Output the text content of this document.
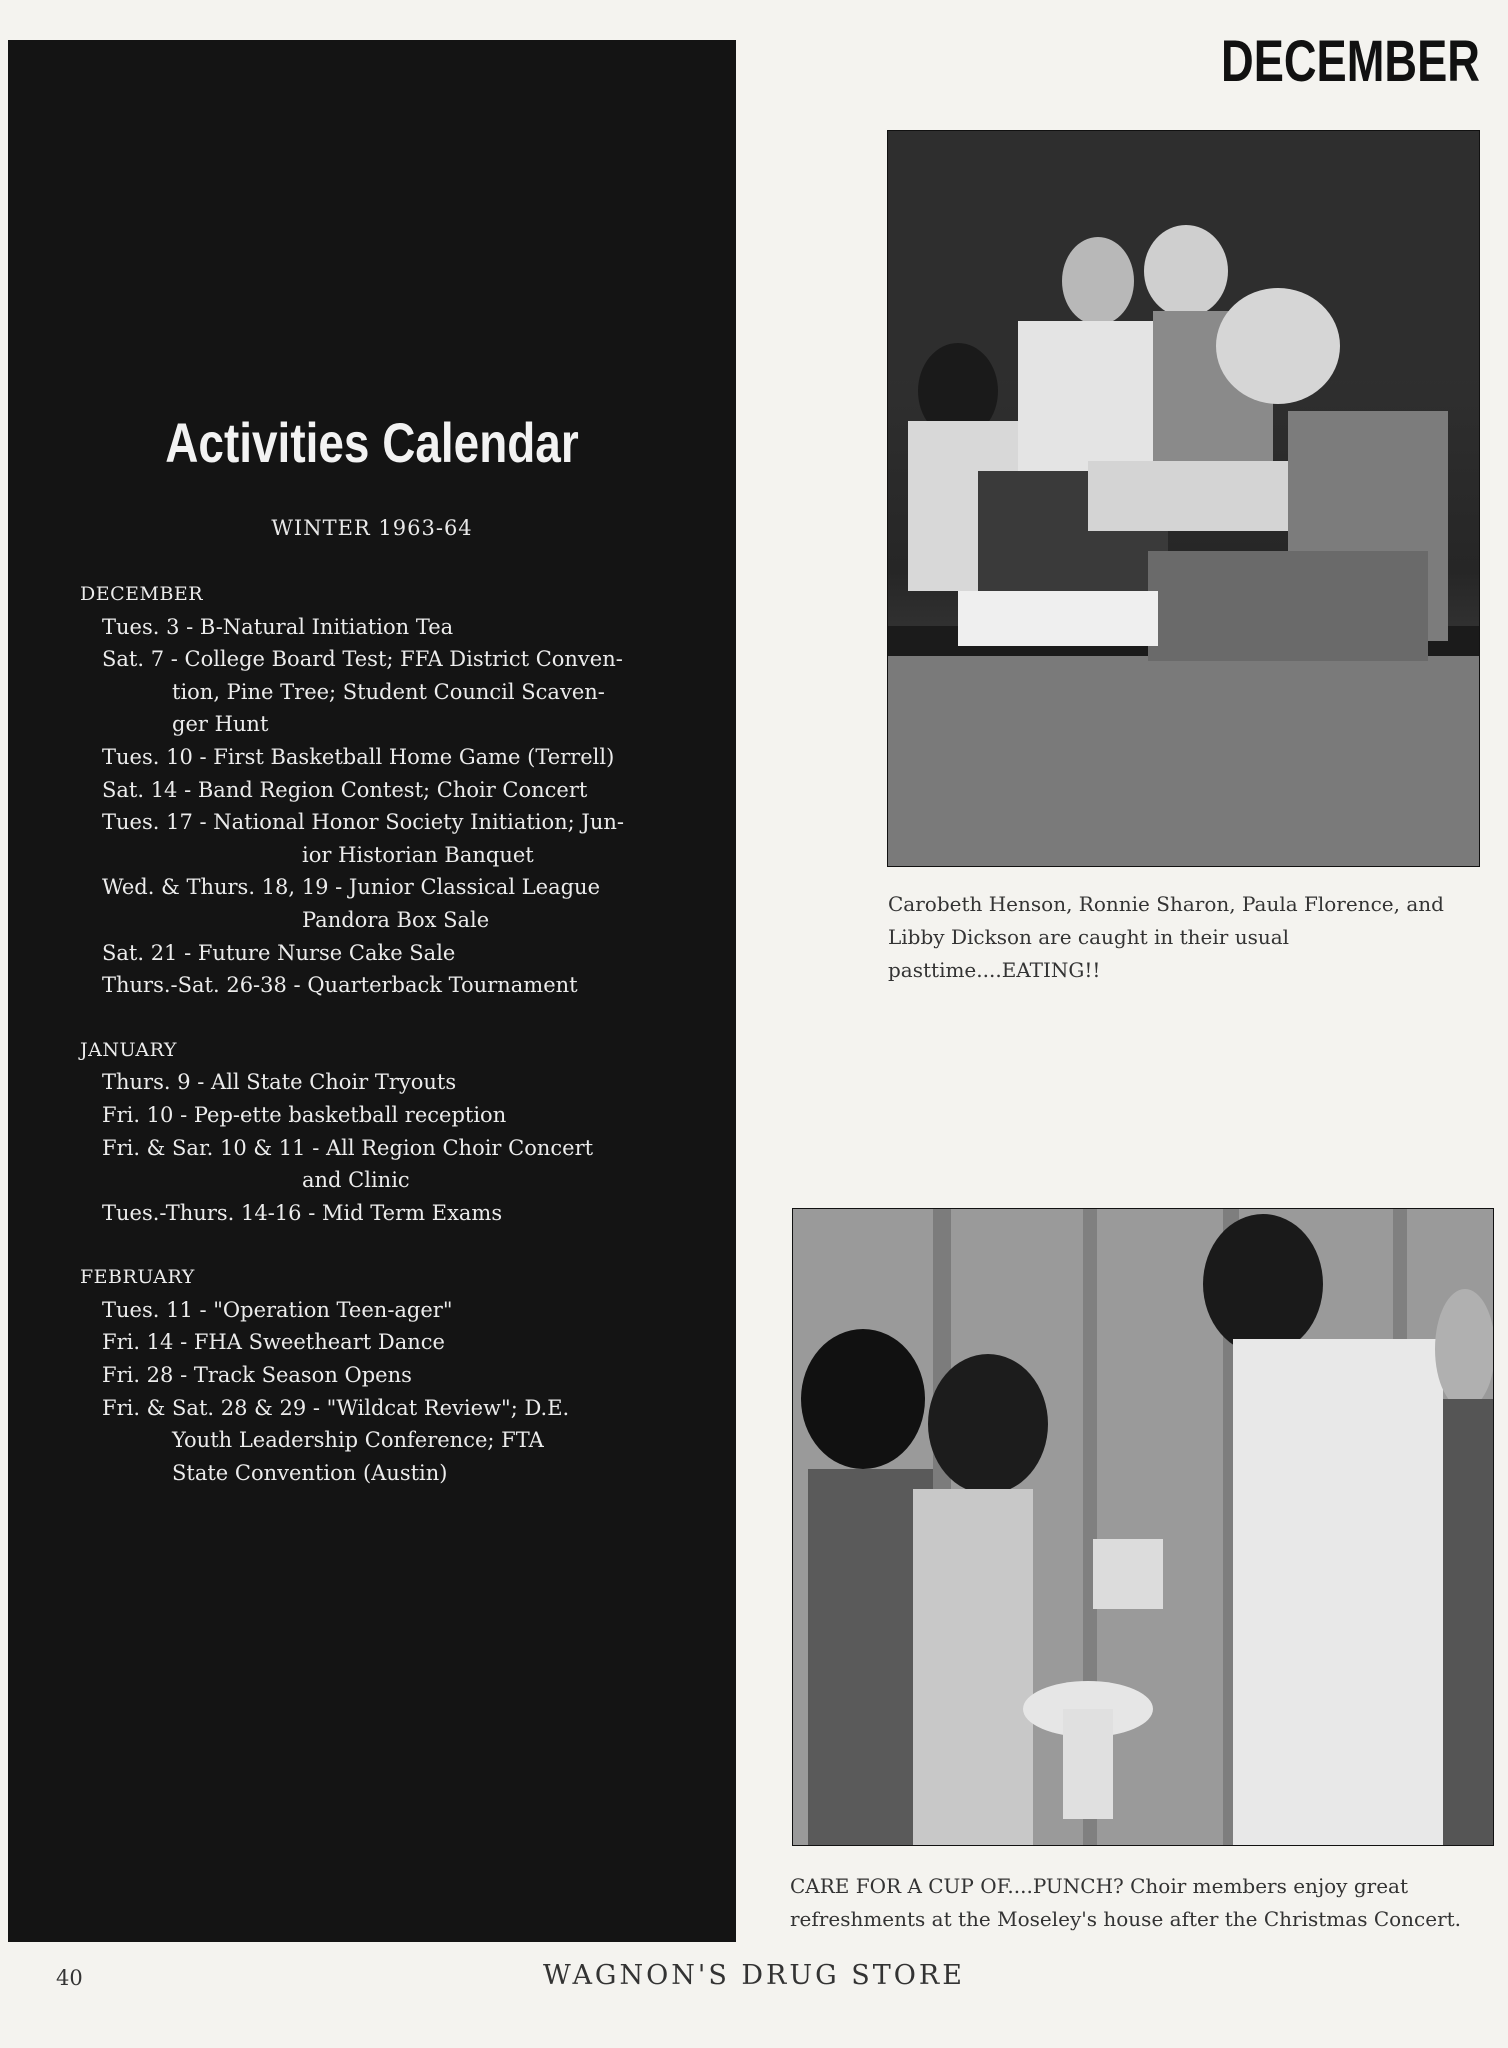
Activities Calendar
WINTER 1963-64
DECEMBER
Tues. 3 - B-Natural Initiation Tea
Sat. 7 - College Board Test; FFA District Conven-
tion, Pine Tree; Student Council Scaven-
ger Hunt
Tues. 10 - First Basketball Home Game (Terrell)
Sat. 14 - Band Region Contest; Choir Concert
Tues. 17 - National Honor Society Initiation; Jun-
ior Historian Banquet
Wed. & Thurs. 18, 19 - Junior Classical League
Pandora Box Sale
Sat. 21 - Future Nurse Cake Sale
Thurs.-Sat. 26-38 - Quarterback Tournament
JANUARY
Thurs. 9 - All State Choir Tryouts
Fri. 10 - Pep-ette basketball reception
Fri. & Sar. 10 & 11 - All Region Choir Concert
and Clinic
Tues.-Thurs. 14-16 - Mid Term Exams
FEBRUARY
Tues. 11 - "Operation Teen-ager"
Fri. 14 - FHA Sweetheart Dance
Fri. 28 - Track Season Opens
Fri. & Sat. 28 & 29 - "Wildcat Review"; D.E.
Youth Leadership Conference; FTA
State Convention (Austin)
DECEMBER
Carobeth Henson, Ronnie Sharon, Paula Florence, and Libby Dickson are caught in their usual pasttime....EATING!!
CARE FOR A CUP OF....PUNCH? Choir members enjoy great refreshments at the Moseley's house after the Christmas Concert.
40	WAGNON'S DRUG STORE
